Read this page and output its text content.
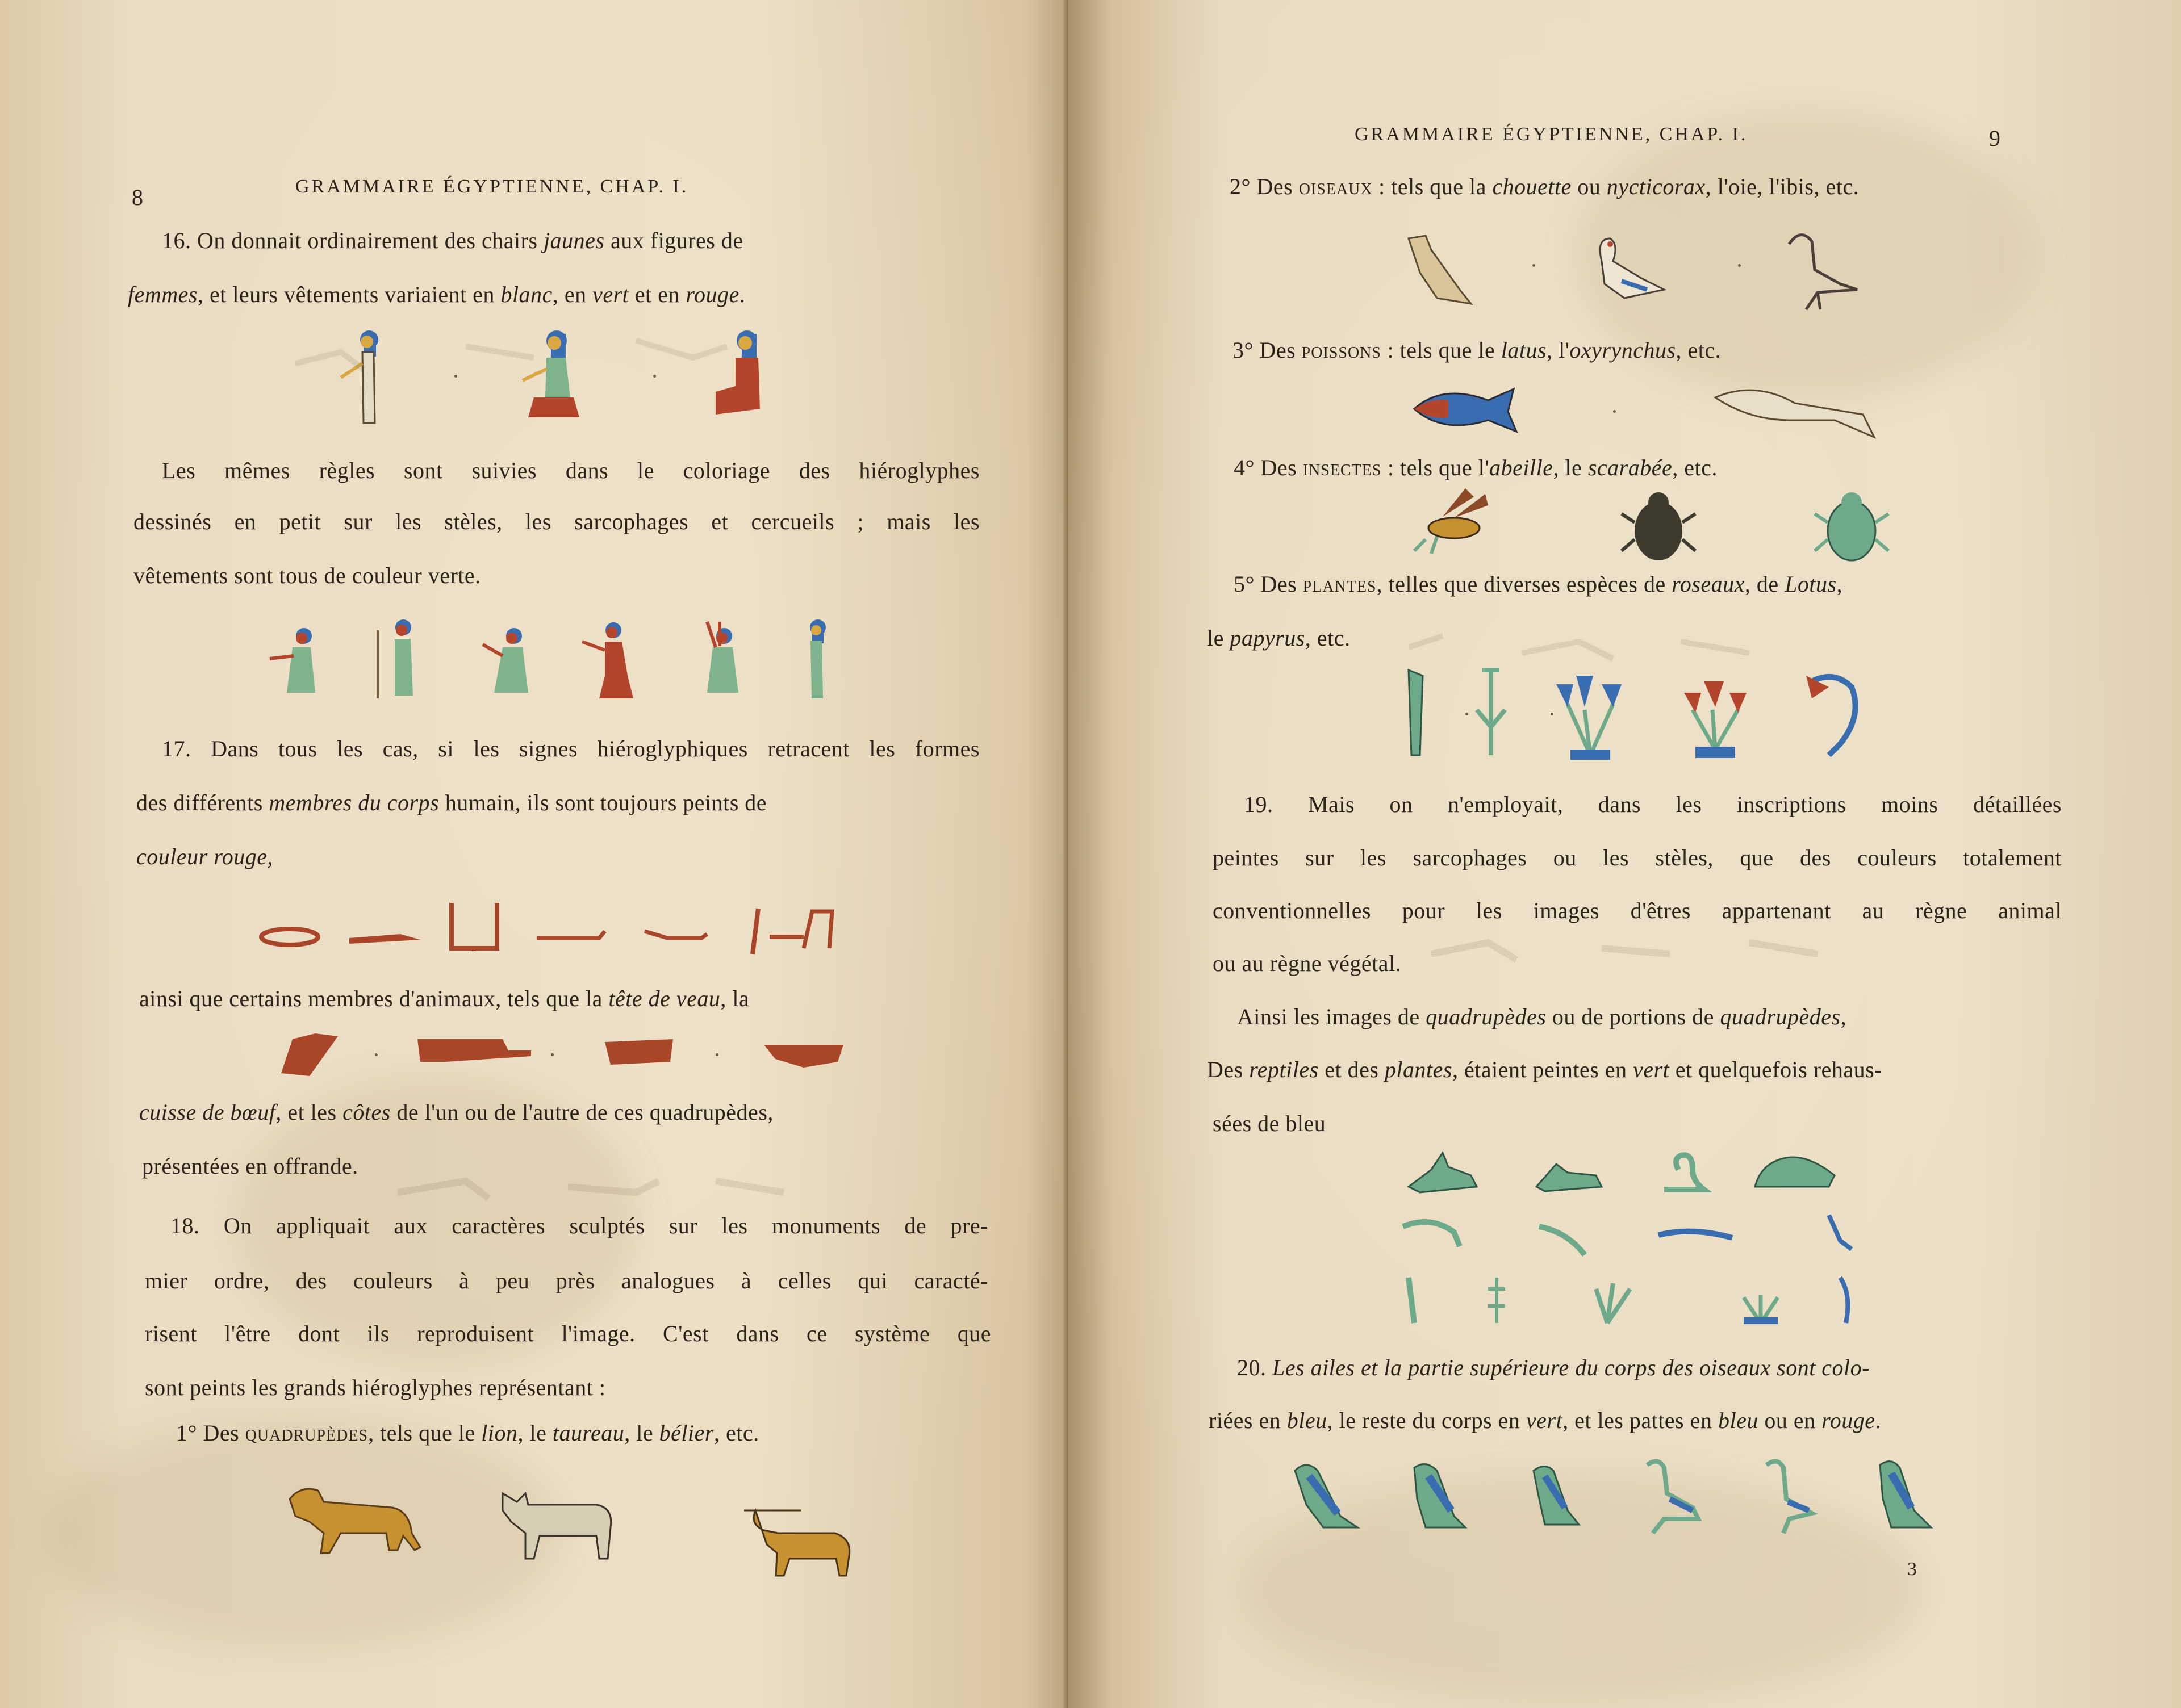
8	GRAMMAIRE ÉGYPTIENNE, CHAP. I.
16. On donnait ordinairement des chairs jaunes aux figures de
femmes, et leurs vêtements variaient en blanc, en vert et en rouge.
Les mêmes règles sont suivies dans le coloriage des hiéroglyphes
dessinés en petit sur les stèles, les sarcophages et cercueils ; mais les
vêtements sont tous de couleur verte.
17. Dans tous les cas, si les signes hiéroglyphiques retracent les formes
des différents membres du corps humain, ils sont toujours peints de
couleur rouge,
ainsi que certains membres d'animaux, tels que la tête de veau, la
cuisse de bœuf, et les côtes de l'un ou de l'autre de ces quadrupèdes,
présentées en offrande.
18. On appliquait aux caractères sculptés sur les monuments de pre-
mier ordre, des couleurs à peu près analogues à celles qui caracté-
risent l'être dont ils reproduisent l'image. C'est dans ce système que
sont peints les grands hiéroglyphes représentant :
1° Des quadrupèdes, tels que le lion, le taureau, le bélier, etc.
GRAMMAIRE ÉGYPTIENNE, CHAP. I.	9
2° Des oiseaux : tels que la chouette ou nycticorax, l'oie, l'ibis, etc.
3° Des poissons : tels que le latus, l'oxyrynchus, etc.
4° Des insectes : tels que l'abeille, le scarabée, etc.
5° Des plantes, telles que diverses espèces de roseaux, de Lotus,
le papyrus, etc.
19. Mais on n'employait, dans les inscriptions moins détaillées
peintes sur les sarcophages ou les stèles, que des couleurs totalement
conventionnelles pour les images d'êtres appartenant au règne animal
ou au règne végétal.
Ainsi les images de quadrupèdes ou de portions de quadrupèdes,
Des reptiles et des plantes, étaient peintes en vert et quelquefois rehaus-
sées de bleu
20. Les ailes et la partie supérieure du corps des oiseaux sont colo-
riées en bleu, le reste du corps en vert, et les pattes en bleu ou en rouge.
3
